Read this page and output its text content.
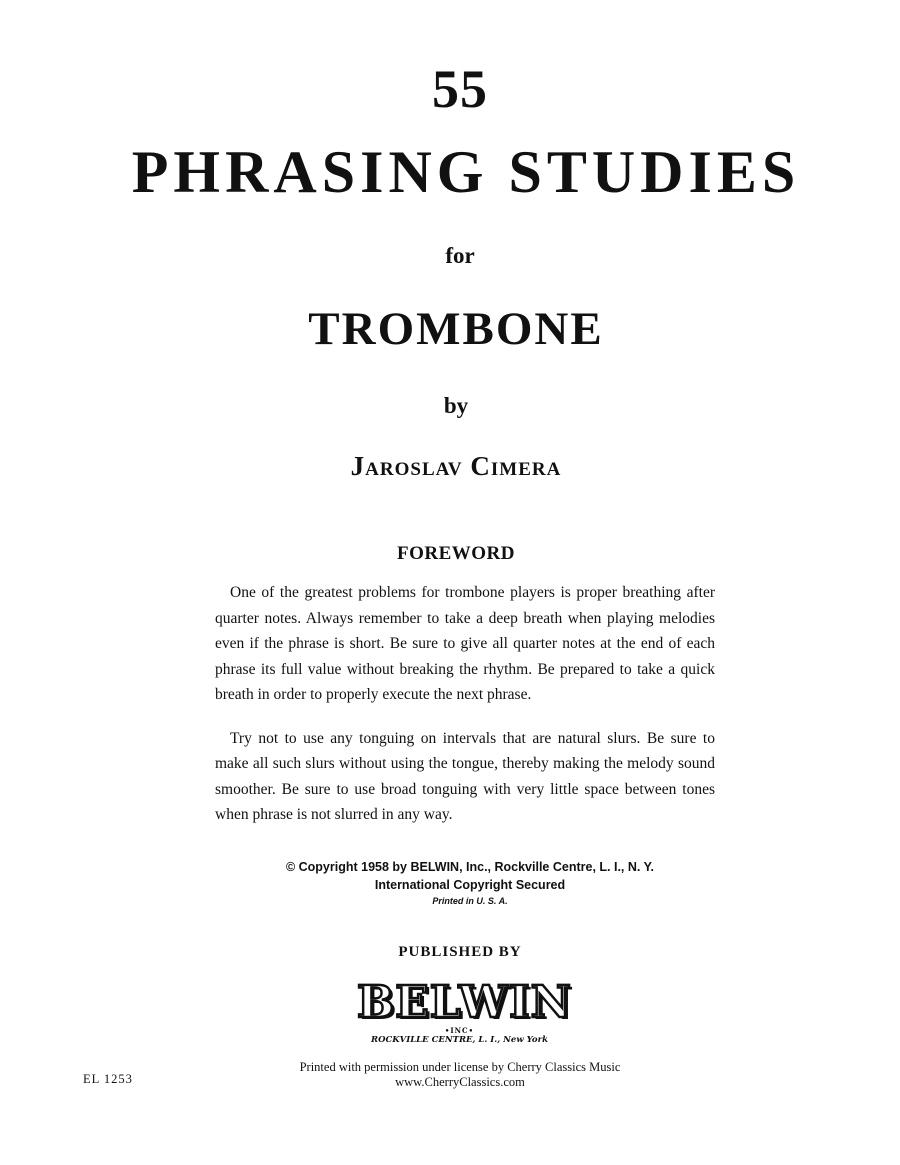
55
PHRASING STUDIES
for
TROMBONE
by
Jaroslav Cimera
FOREWORD

One of the greatest problems for trombone players is proper breathing after quarter notes. Always remember to take a deep breath when playing melodies even if the phrase is short. Be sure to give all quarter notes at the end of each phrase its full value without breaking the rhythm. Be prepared to take a quick breath in order to properly execute the next phrase.

Try not to use any tonguing on intervals that are natural slurs. Be sure to make all such slurs without using the tongue, thereby making the melody sound smoother. Be sure to use broad tonguing with very little space between tones when phrase is not slurred in any way.

© Copyright 1958 by BELWIN, Inc., Rockville Centre, L. I., N. Y.
International Copyright Secured
Printed in U. S. A.
PUBLISHED BY
BELWIN
•INC•
ROCKVILLE CENTRE, L. I., New York
EL 1253
Printed with permission under license by Cherry Classics Music
www.CherryClassics.com
